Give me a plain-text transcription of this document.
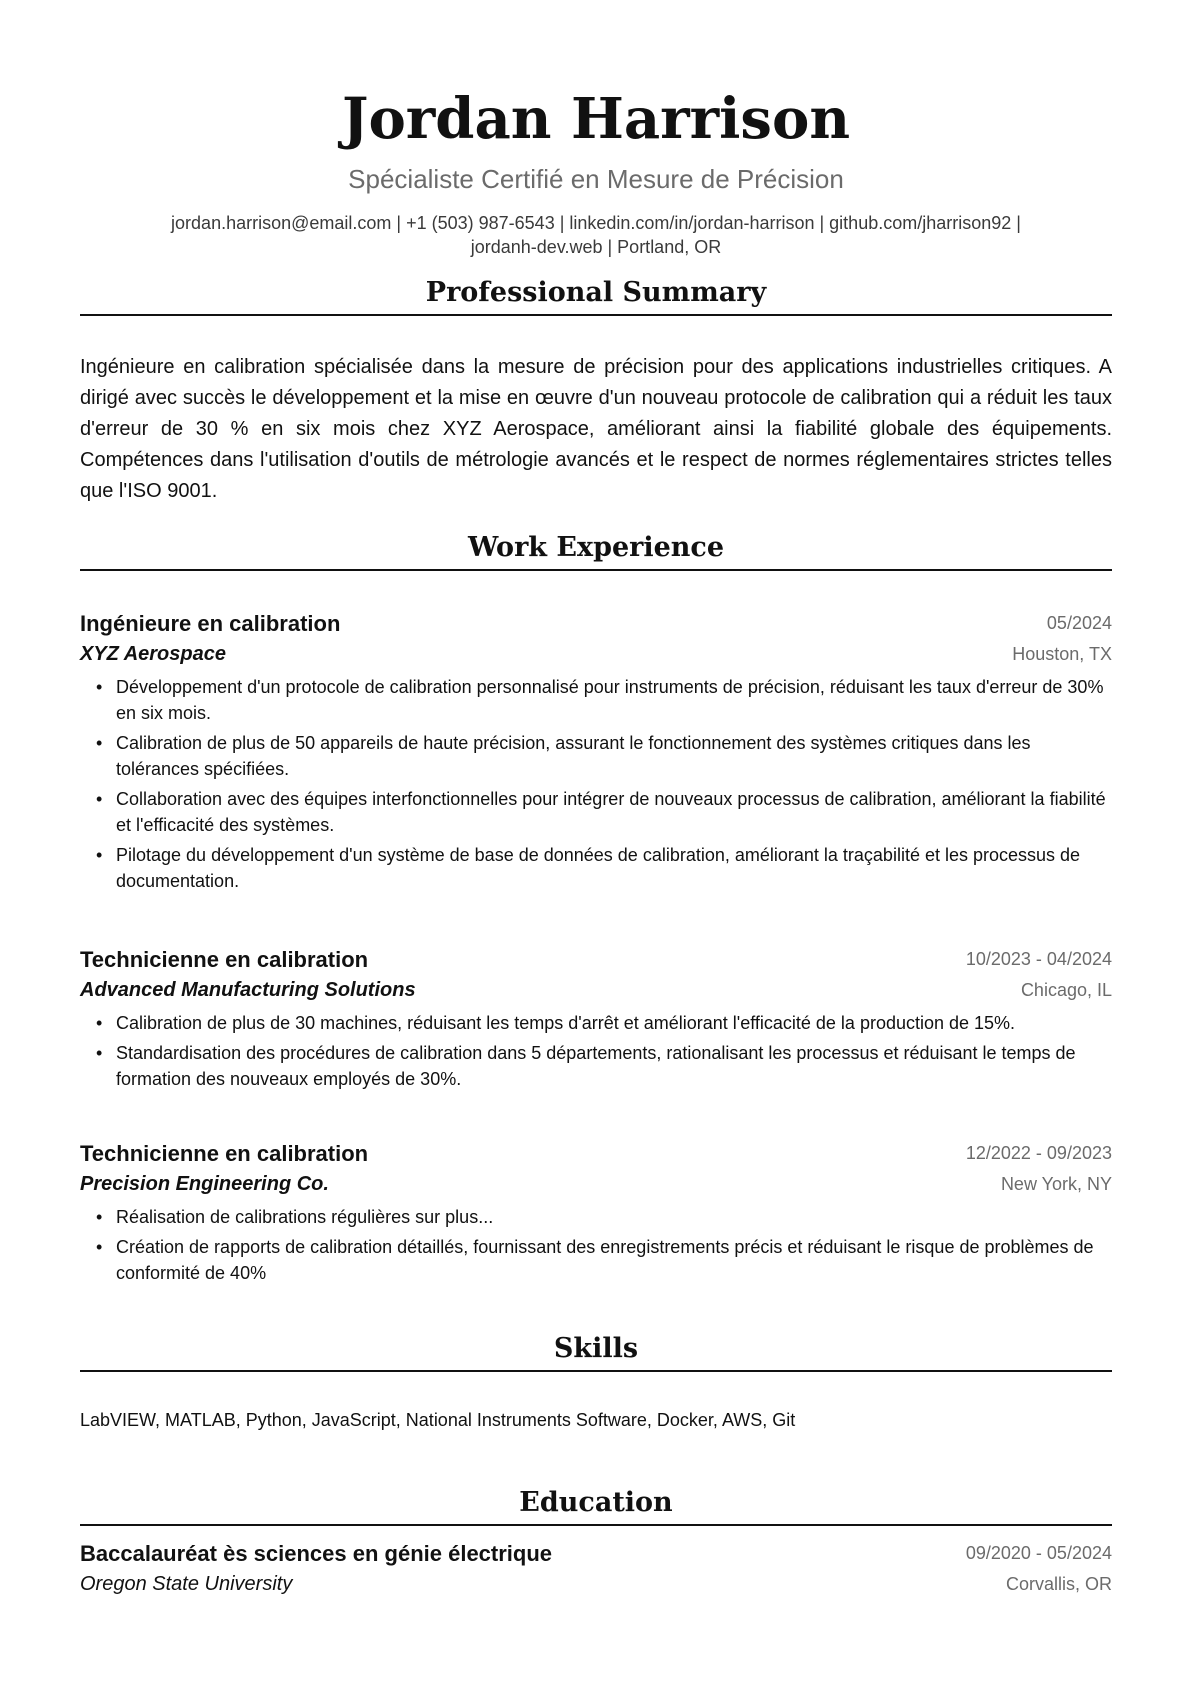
Jordan Harrison
Spécialiste Certifié en Mesure de Précision
jordan.harrison@email.com | +1 (503) 987-6543 | linkedin.com/in/jordan-harrison | github.com/jharrison92 |
jordanh-dev.web | Portland, OR
Professional Summary

Ingénieure en calibration spécialisée dans la mesure de précision pour des applications industrielles critiques. A dirigé avec succès le développement et la mise en œuvre d'un nouveau protocole de calibration qui a réduit les taux d'erreur de 30 % en six mois chez XYZ Aerospace, améliorant ainsi la fiabilité globale des équipements. Compétences dans l'utilisation d'outils de métrologie avancés et le respect de normes réglementaires strictes telles que l'ISO 9001.

Work Experience
Ingénieure en calibration	05/2024
XYZ Aerospace	Houston, TX
• Développement d'un protocole de calibration personnalisé pour instruments de précision, réduisant les taux d'erreur de 30% en six mois.
• Calibration de plus de 50 appareils de haute précision, assurant le fonctionnement des systèmes critiques dans les tolérances spécifiées.
• Collaboration avec des équipes interfonctionnelles pour intégrer de nouveaux processus de calibration, améliorant la fiabilité et l'efficacité des systèmes.
• Pilotage du développement d'un système de base de données de calibration, améliorant la traçabilité et les processus de documentation.
Technicienne en calibration	10/2023 - 04/2024
Advanced Manufacturing Solutions	Chicago, IL
• Calibration de plus de 30 machines, réduisant les temps d'arrêt et améliorant l'efficacité de la production de 15%.
• Standardisation des procédures de calibration dans 5 départements, rationalisant les processus et réduisant le temps de formation des nouveaux employés de 30%.
Technicienne en calibration	12/2022 - 09/2023
Precision Engineering Co.	New York, NY
• Réalisation de calibrations régulières sur plus...
• Création de rapports de calibration détaillés, fournissant des enregistrements précis et réduisant le risque de problèmes de conformité de 40%
Skills
LabVIEW, MATLAB, Python, JavaScript, National Instruments Software, Docker, AWS, Git
Education
Baccalauréat ès sciences en génie électrique	09/2020 - 05/2024
Oregon State University	Corvallis, OR
